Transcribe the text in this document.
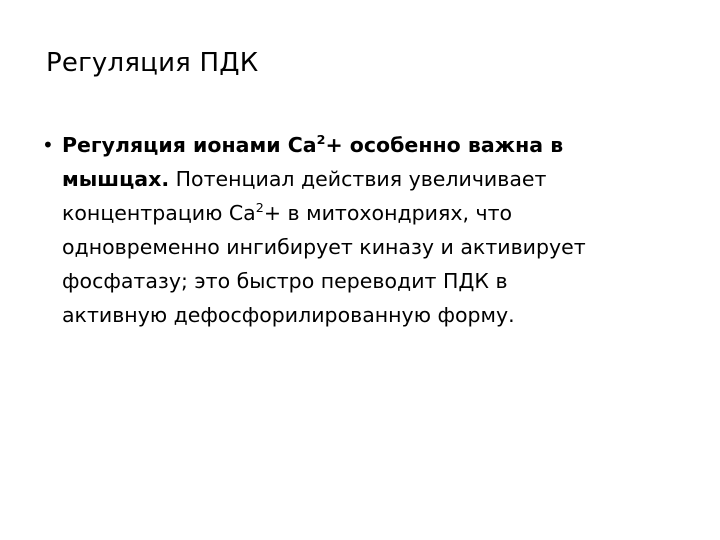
Регуляция ПДК
• Регуляция ионами $Са^2+$ особенно важна в мышцах. Потенциал действия увеличивает концентрацию $Са^2+ в$ митохондриях, что одновременно ингибирует киназу и активирует фосфатазу; это быстро переводит ПДК в активную дефосфорилированную форму.
